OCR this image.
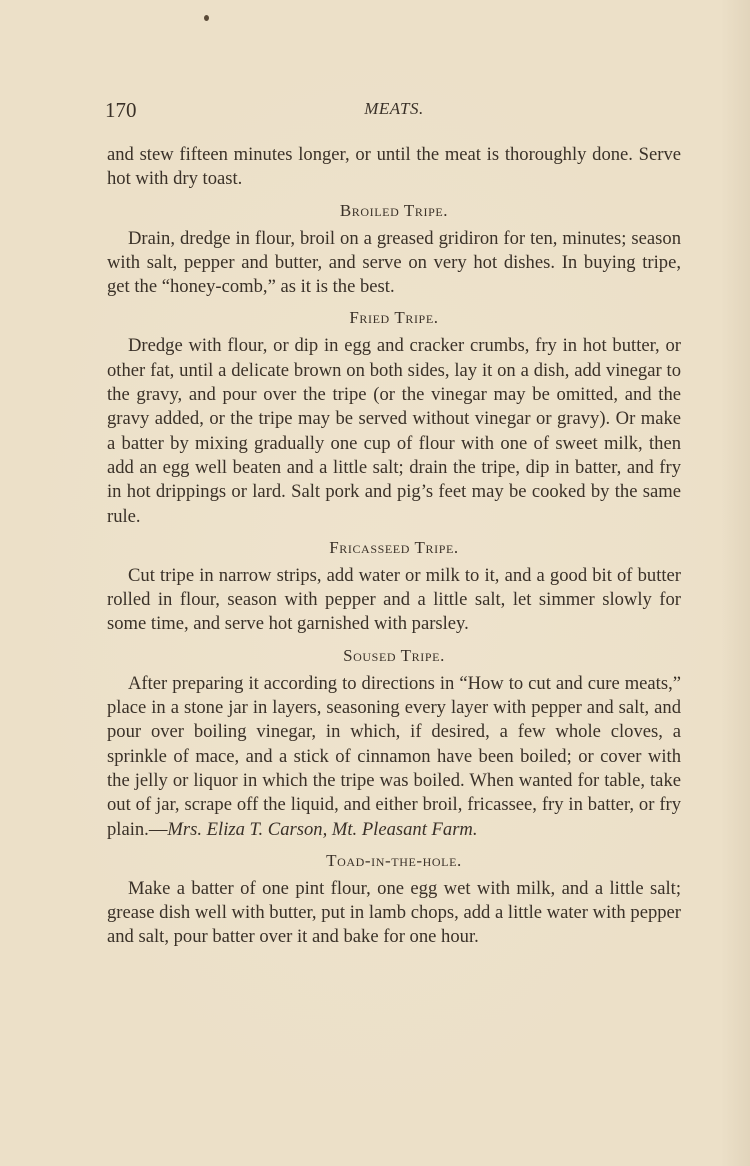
170	MEATS.

and stew fifteen minutes longer, or until the meat is thoroughly done. Serve hot with dry toast.

Broiled Tripe.

Drain, dredge in flour, broil on a greased gridiron for ten, minutes; season with salt, pepper and butter, and serve on very hot dishes. In buying tripe, get the “honey-comb,” as it is the best.

Fried Tripe.

Dredge with flour, or dip in egg and cracker crumbs, fry in hot butter, or other fat, until a delicate brown on both sides, lay it on a dish, add vinegar to the gravy, and pour over the tripe (or the vinegar may be omitted, and the gravy added, or the tripe may be served without vinegar or gravy). Or make a batter by mixing gradually one cup of flour with one of sweet milk, then add an egg well beaten and a little salt; drain the tripe, dip in batter, and fry in hot drippings or lard. Salt pork and pig’s feet may be cooked by the same rule.

Fricasseed Tripe.

Cut tripe in narrow strips, add water or milk to it, and a good bit of butter rolled in flour, season with pepper and a little salt, let simmer slowly for some time, and serve hot garnished with parsley.

Soused Tripe.

After preparing it according to directions in “How to cut and cure meats,” place in a stone jar in layers, seasoning every layer with pepper and salt, and pour over boiling vinegar, in which, if desired, a few whole cloves, a sprinkle of mace, and a stick of cinnamon have been boiled; or cover with the jelly or liquor in which the tripe was boiled. When wanted for table, take out of jar, scrape off the liquid, and either broil, fricassee, fry in batter, or fry plain.—Mrs. Eliza T. Carson, Mt. Pleasant Farm.

Toad-in-the-hole.

Make a batter of one pint flour, one egg wet with milk, and a little salt; grease dish well with butter, put in lamb chops, add a little water with pepper and salt, pour batter over it and bake for one hour.
